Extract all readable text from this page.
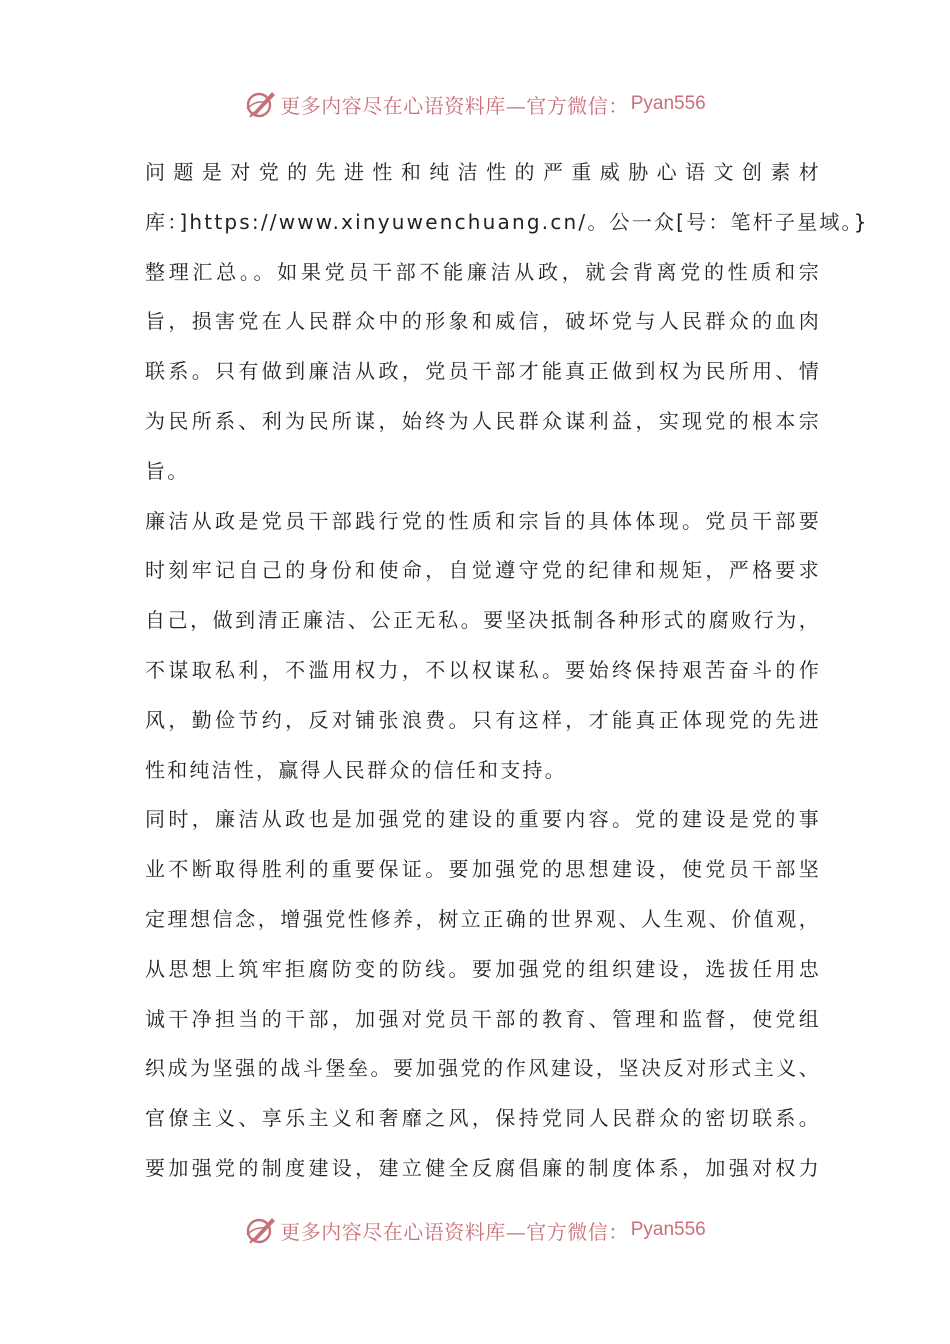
更多内容尽在心语资料库—官方微信： Pyan556
问题是对党的先进性和纯洁性的严重威胁心语文创素材
库：]https://www.xinyuwenchuang.cn/。公一众[号：笔杆子星域。}
整理汇总。。如果党员干部不能廉洁从政，就会背离党的性质和宗
旨，损害党在人民群众中的形象和威信，破坏党与人民群众的血肉
联系。只有做到廉洁从政，党员干部才能真正做到权为民所用、情
为民所系、利为民所谋，始终为人民群众谋利益，实现党的根本宗
旨。
廉洁从政是党员干部践行党的性质和宗旨的具体体现。党员干部要
时刻牢记自己的身份和使命，自觉遵守党的纪律和规矩，严格要求
自己，做到清正廉洁、公正无私。要坚决抵制各种形式的腐败行为，
不谋取私利，不滥用权力，不以权谋私。要始终保持艰苦奋斗的作
风，勤俭节约，反对铺张浪费。只有这样，才能真正体现党的先进
性和纯洁性，赢得人民群众的信任和支持。
同时，廉洁从政也是加强党的建设的重要内容。党的建设是党的事
业不断取得胜利的重要保证。要加强党的思想建设，使党员干部坚
定理想信念，增强党性修养，树立正确的世界观、人生观、价值观，
从思想上筑牢拒腐防变的防线。要加强党的组织建设，选拔任用忠
诚干净担当的干部，加强对党员干部的教育、管理和监督，使党组
织成为坚强的战斗堡垒。要加强党的作风建设，坚决反对形式主义、
官僚主义、享乐主义和奢靡之风，保持党同人民群众的密切联系。
要加强党的制度建设，建立健全反腐倡廉的制度体系，加强对权力
更多内容尽在心语资料库—官方微信： Pyan556
